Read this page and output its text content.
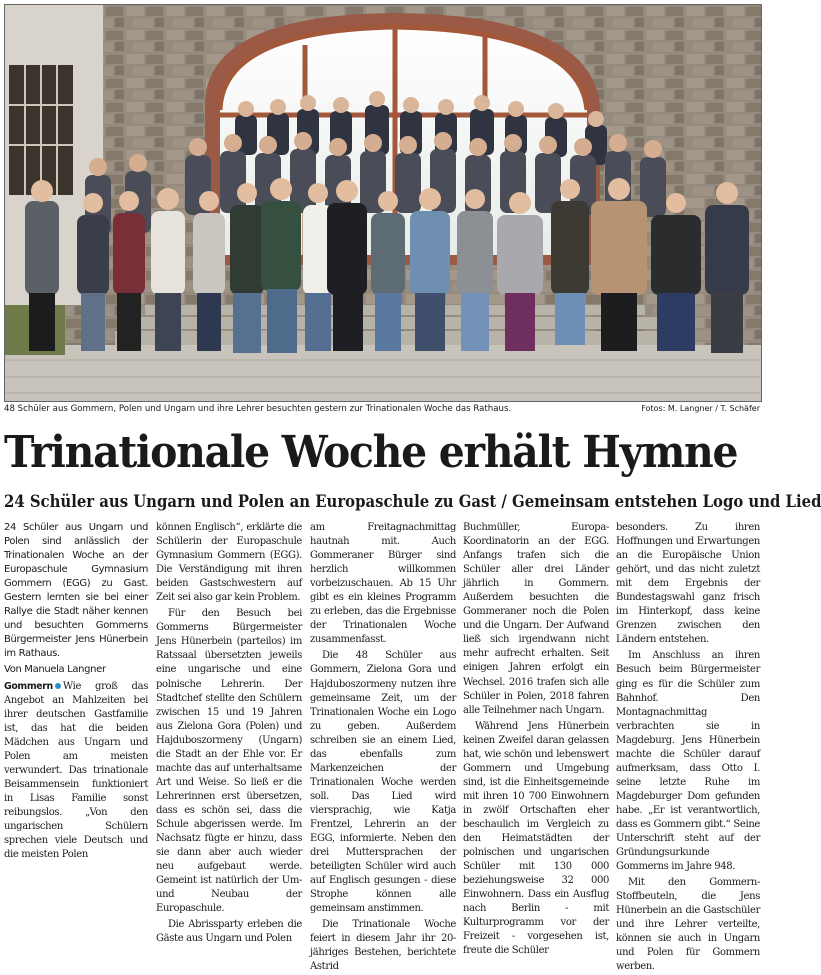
48 Schüler aus Gommern, Polen und Ungarn und ihre Lehrer besuchten gestern zur Trinationalen Woche das Rathaus.	Fotos: M. Langner / T. Schäfer
Trinationale Woche erhält Hymne
24 Schüler aus Ungarn und Polen an Europaschule zu Gast / Gemeinsam entstehen Logo und Lied

24 Schüler aus Ungarn und Polen sind anlässlich der Trinationalen Woche an der Europaschule Gymnasium Gommern (EGG) zu Gast. Gestern lernten sie bei einer Rallye die Stadt näher kennen und besuchten Gommerns Bürgermeister Jens Hünerbein im Rathaus.

Von Manuela Langner

Gommern Wie groß das Angebot an Mahlzeiten bei ihrer deutschen Gastfamilie ist, das hat die beiden Mädchen aus Ungarn und Polen am meisten verwundert. Das trinationale Beisammensein funktioniert in Lisas Familie sonst reibungslos. „Von den ungarischen Schülern sprechen viele Deutsch und die meisten Polen

können Englisch“, erklärte die Schülerin der Europaschule Gymnasium Gommern (EGG). Die Verständigung mit ihren beiden Gastschwestern auf Zeit sei also gar kein Problem.

Für den Besuch bei Gommerns Bürgermeister Jens Hünerbein (parteilos) im Ratssaal übersetzten jeweils eine ungarische und eine polnische Lehrerin. Der Stadtchef stellte den Schülern zwischen 15 und 19 Jahren aus Zielona Gora (Polen) und Hajduboszormeny (Ungarn) die Stadt an der Ehle vor. Er machte das auf unterhaltsame Art und Weise. So ließ er die Lehrerinnen erst übersetzen, dass es schön sei, dass die Schule abgerissen werde. Im Nachsatz fügte er hinzu, dass sie dann aber auch wieder neu aufgebaut werde. Gemeint ist natürlich der Um- und Neubau der Europaschule.

Die Abrissparty erleben die Gäste aus Ungarn und Polen

am Freitagnachmittag hautnah mit. Auch Gommeraner Bürger sind herzlich willkommen vorbeizuschauen. Ab 15 Uhr gibt es ein kleines Programm zu erleben, das die Ergebnisse der Trinationalen Woche zusammenfasst.

Die 48 Schüler aus Gommern, Zielona Gora und Hajduboszormeny nutzen ihre gemeinsame Zeit, um der Trinationalen Woche ein Logo zu geben. Außerdem schreiben sie an einem Lied, das ebenfalls zum Markenzeichen der Trinationalen Woche werden soll. Das Lied wird viersprachig, wie Katja Frentzel, Lehrerin an der EGG, informierte. Neben den drei Muttersprachen der beteiligten Schüler wird auch auf Englisch gesungen - diese Strophe können alle gemeinsam anstimmen.

Die Trinationale Woche feiert in diesem Jahr ihr 20-jähriges Bestehen, berichtete Astrid

Buchmüller, Europa-Koordinatorin an der EGG. Anfangs trafen sich die Schüler aller drei Länder jährlich in Gommern. Außerdem besuchten die Gommeraner noch die Polen und die Ungarn. Der Aufwand ließ sich irgendwann nicht mehr aufrecht erhalten. Seit einigen Jahren erfolgt ein Wechsel. 2016 trafen sich alle Schüler in Polen, 2018 fahren alle Teilnehmer nach Ungarn.

Während Jens Hünerbein keinen Zweifel daran gelassen hat, wie schön und lebenswert Gommern und Umgebung sind, ist die Einheitsgemeinde mit ihren 10 700 Einwohnern in zwölf Ortschaften eher beschaulich im Vergleich zu den Heimatstädten der polnischen und ungarischen Schüler mit 130 000 beziehungsweise 32 000 Einwohnern. Dass ein Ausflug nach Berlin - mit Kulturprogramm vor der Freizeit - vorgesehen ist, freute die Schüler

besonders. Zu ihren Hoffnungen und Erwartungen an die Europäische Union gehört, und das nicht zuletzt mit dem Ergebnis der Bundestagswahl ganz frisch im Hinterkopf, dass keine Grenzen zwischen den Ländern entstehen.

Im Anschluss an ihren Besuch beim Bürgermeister ging es für die Schüler zum Bahnhof. Den Montagnachmittag verbrachten sie in Magdeburg. Jens Hünerbein machte die Schüler darauf aufmerksam, dass Otto I. seine letzte Ruhe im Magdeburger Dom gefunden habe. „Er ist verantwortlich, dass es Gommern gibt.“ Seine Unterschrift steht auf der Gründungsurkunde Gommerns im Jahre 948.

Mit den Gommern-Stoffbeuteln, die Jens Hünerbein an die Gastschüler und ihre Lehrer verteilte, können sie auch in Ungarn und Polen für Gommern werben.
